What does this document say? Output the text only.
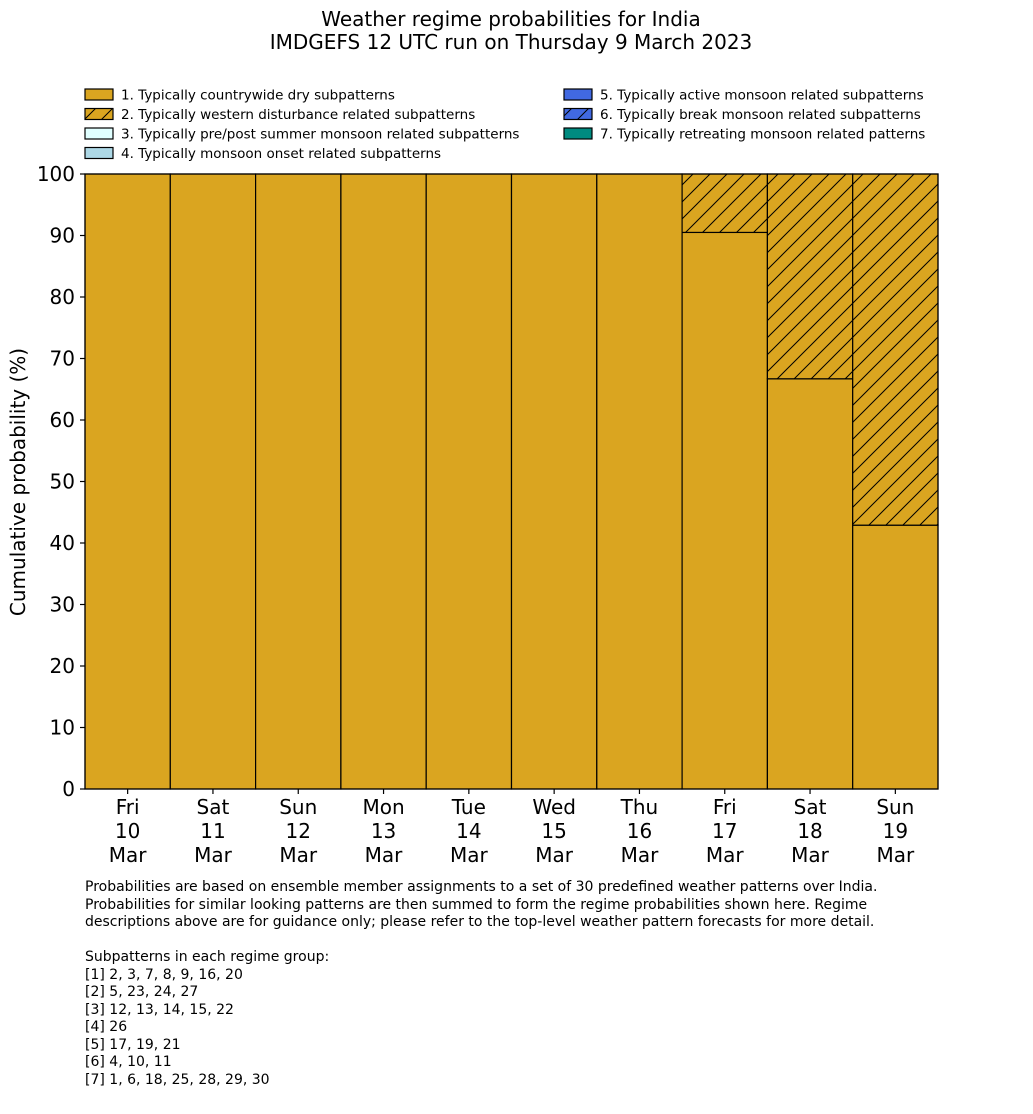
Weather regime probabilities for India
IMDGEFS 12 UTC run on Thursday 9 March 2023
1. Typically countrywide dry subpatterns
2. Typically western disturbance related subpatterns
3. Typically pre/post summer monsoon related subpatterns
4. Typically monsoon onset related subpatterns
5. Typically active monsoon related subpatterns
6. Typically break monsoon related subpatterns
7. Typically retreating monsoon related patterns
0
10
20
30
40
50
60
70
80
90
100
Fri 10 Mar
Sat 11 Mar
Sun 12 Mar
Mon 13 Mar
Tue 14 Mar
Wed 15 Mar
Thu 16 Mar
Fri 17 Mar
Sat 18 Mar
Sun 19 Mar
Cumulative probability (%)

Probabilities are based on ensemble member assignments to a set of 30 predefined weather patterns over India.

Probabilities for similar looking patterns are then summed to form the regime probabilities shown here. Regime

descriptions above are for guidance only; please refer to the top-level weather pattern forecasts for more detail.

Subpatterns in each regime group:

[1] 2, 3, 7, 8, 9, 16, 20

[2] 5, 23, 24, 27

[3] 12, 13, 14, 15, 22

[4] 26

[5] 17, 19, 21

[6] 4, 10, 11

[7] 1, 6, 18, 25, 28, 29, 30
